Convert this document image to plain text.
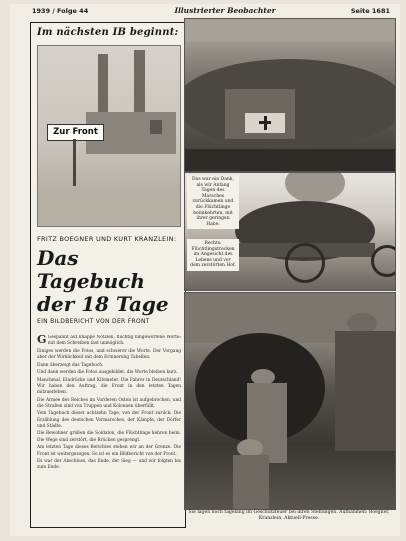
1939 / Folge 44	Illustrierter Beobachter	Seite 1681
Im nächsten IB beginnt:
Zur Front
FRITZ BOEGNER UND KURT KRANZLEIN:
Das Tagebuch
der 18 Tage
EIN BILDBERICHT VON DER FRONT

G Gespannt auf knappe Notizen, flüchtig hingeworfene Worte: mit dem Schreiben fast unmöglich.

Einiges werden die Fotos, und schwerer die Worte. Der Vorgang aber der Wirklichkeit mit dem Erinnerung Tabellen.

Dann überzeigt das Tagebuch.

Und dann werden die Fotos ausgebildet, die Worte bleiben kurz.

Manchmal, Eindrücke und Kilometer. Die Fahrer in Deutschland! Wir haben den Auftrag, die Front in den letzten Tagen mitzuerleben.

Die Armee des Reiches im Vorderen Osten ist aufgebrochen, und die Straßen sind von Truppen und Kolonnen überfüllt.

Vom Tagebuch dieser achtzehn Tage, von der Front zurück: Die Erzählung des deutschen Vormarsches, der Kämpfe, der Dörfer und Städte.

Die Bewohner grüßen die Soldaten, die Flüchtlinge kehren heim. Die Wege sind zerstört, die Brücken gesprengt.

Am letzten Tage dieses Berichtes stehen wir an der Grenze. Die Front ist weitergezogen. So ist es ein Bildbericht von der Front.

Es war der Abschluss, das Ende, der Sieg — und wir folgten bis zum Ende.

Das war ein Dank, als wir Anfang Tagen des Marsches zurückkamen und die Flüchtlinge heimkehrten, mit ihrer geringen Habe.
Rechts: Flüchtlingstrecken im Angesicht des Lebens und vor dem zerstörten Hof.
Sie lagen noch tagelang im Geschützfeuer bei ihren Stellungen. Aufnahmen: Boegner, Kranzlein, Aktuell-Presse.
